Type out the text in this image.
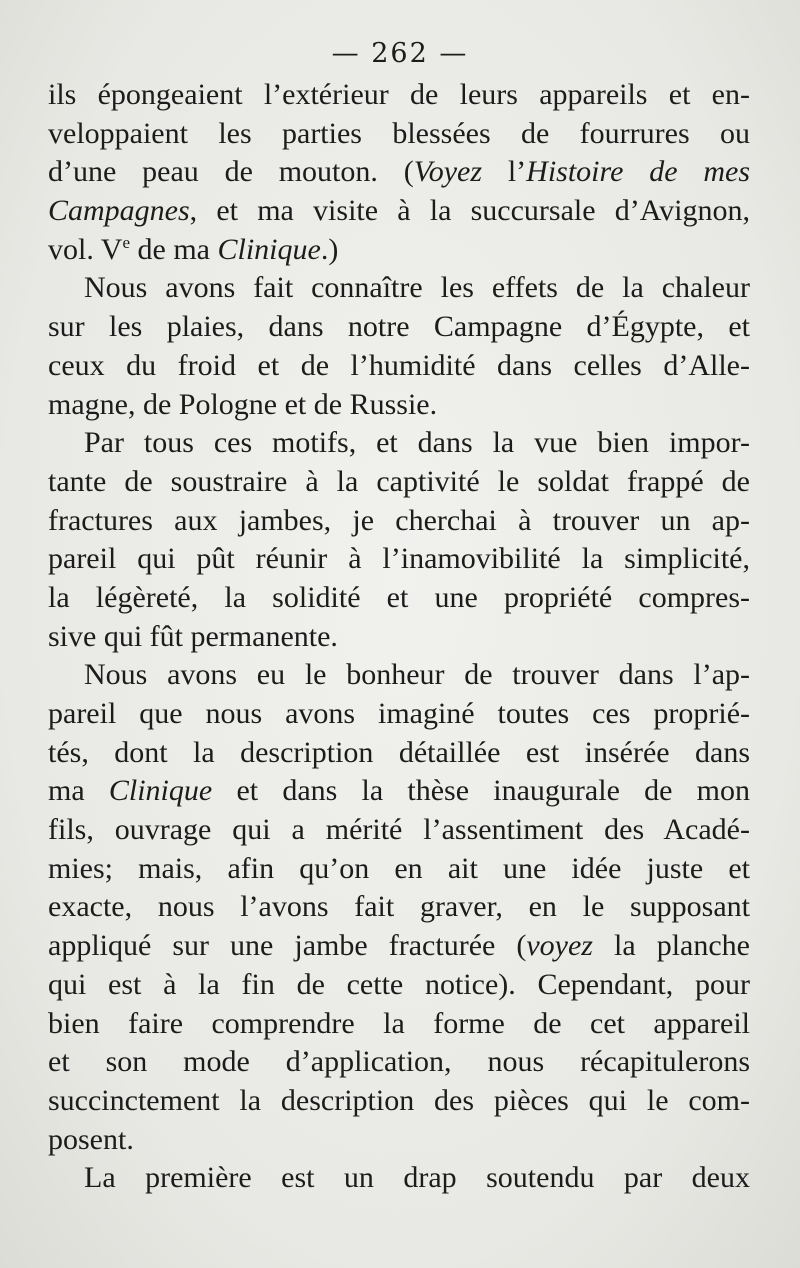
— 262 —
ils épongeaient l’extérieur de leurs appareils et en-
veloppaient les parties blessées de fourrures ou
d’une peau de mouton. (Voyez l’Histoire de mes
Campagnes, et ma visite à la succursale d’Avignon,
vol. Ve de ma Clinique.)
Nous avons fait connaître les effets de la chaleur
sur les plaies, dans notre Campagne d’Égypte, et
ceux du froid et de l’humidité dans celles d’Alle-
magne, de Pologne et de Russie.
Par tous ces motifs, et dans la vue bien impor-
tante de soustraire à la captivité le soldat frappé de
fractures aux jambes, je cherchai à trouver un ap-
pareil qui pût réunir à l’inamovibilité la simplicité,
la légèreté, la solidité et une propriété compres-
sive qui fût permanente.
Nous avons eu le bonheur de trouver dans l’ap-
pareil que nous avons imaginé toutes ces proprié-
tés, dont la description détaillée est insérée dans
ma Clinique et dans la thèse inaugurale de mon
fils, ouvrage qui a mérité l’assentiment des Acadé-
mies; mais, afin qu’on en ait une idée juste et
exacte, nous l’avons fait graver, en le supposant
appliqué sur une jambe fracturée (voyez la planche
qui est à la fin de cette notice). Cependant, pour
bien faire comprendre la forme de cet appareil
et son mode d’application, nous récapitulerons
succinctement la description des pièces qui le com-
posent.
La première est un drap soutendu par deux
